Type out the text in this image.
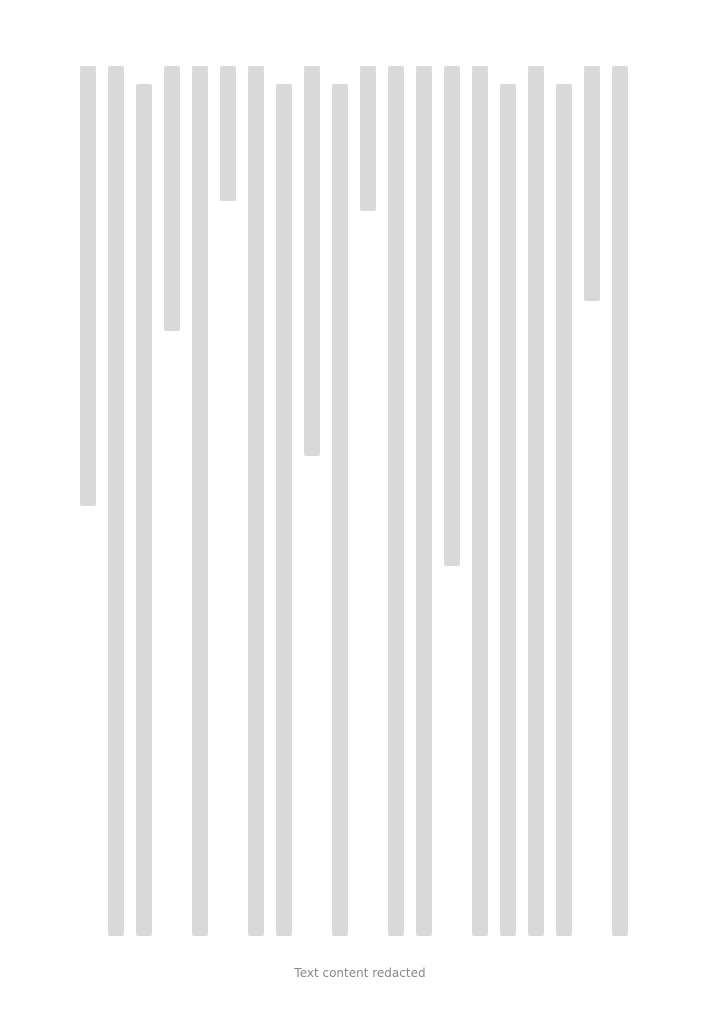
Text content redacted
